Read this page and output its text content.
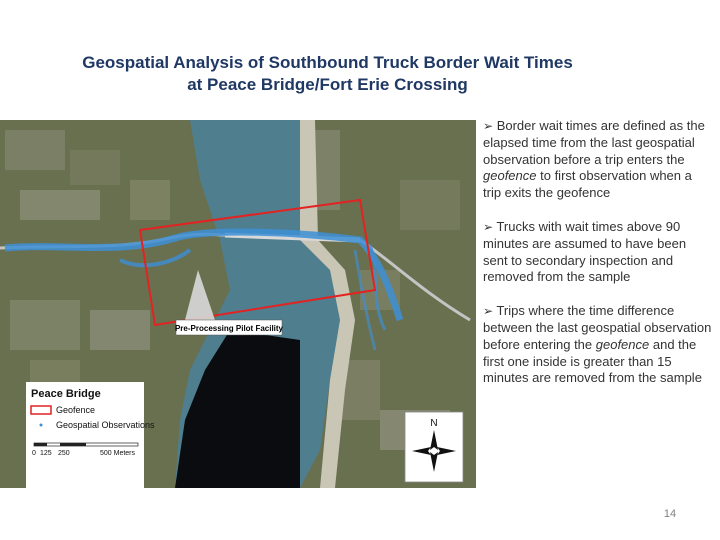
Geospatial Analysis of Southbound Truck Border Wait Times
at Peace Bridge/Fort Erie Crossing
Pre-Processing Pilot Facility
Peace Bridge
Geofence
Geospatial Observations
0 125 250	500 Meters
N
➢ Border wait times are defined as the elapsed time from the last geospatial observation before a trip enters the geofence to first observation when a trip exits the geofence
➢ Trucks with wait times above 90 minutes are assumed to have been sent to secondary inspection and removed from the sample
➢ Trips where the time difference between the last geospatial observation before entering the geofence and the first one inside is greater than 15 minutes are removed from the sample
14
